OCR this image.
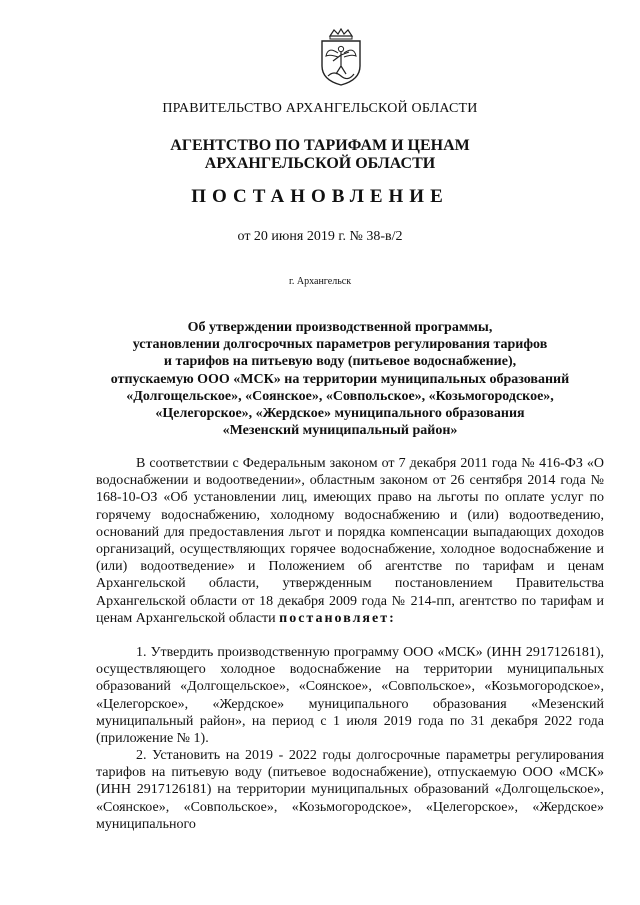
ПРАВИТЕЛЬСТВО АРХАНГЕЛЬСКОЙ ОБЛАСТИ
АГЕНТСТВО ПО ТАРИФАМ И ЦЕНАМ
АРХАНГЕЛЬСКОЙ ОБЛАСТИ
ПОСТАНОВЛЕНИЕ
от 20 июня 2019 г. № 38-в/2
г. Архангельск
Об утверждении производственной программы,
установлении долгосрочных параметров регулирования тарифов
и тарифов на питьевую воду (питьевое водоснабжение),
отпускаемую ООО «МСК» на территории муниципальных образований
«Долгощельское», «Соянское», «Совпольское», «Козьмогородское»,
«Целегорское», «Жердское» муниципального образования
«Мезенский муниципальный район»

В соответствии с Федеральным законом от 7 декабря 2011 года № 416-ФЗ «О водоснабжении и водоотведении», областным законом от 26 сентября 2014 года № 168-10-ОЗ «Об установлении лиц, имеющих право на льготы по оплате услуг по горячему водоснабжению, холодному водоснабжению и (или) водоотведению, оснований для предоставления льгот и порядка компенсации выпадающих доходов организаций, осуществляющих горячее водоснабжение, холодное водоснабжение и (или) водоотведение» и Положением об агентстве по тарифам и ценам Архангельской области, утвержденным постановлением Правительства Архангельской области от 18 декабря 2009 года № 214-пп, агентство по тарифам и ценам Архангельской области постановляет:

1. Утвердить производственную программу ООО «МСК» (ИНН 2917126181), осуществляющего холодное водоснабжение на территории муниципальных образований «Долгощельское», «Соянское», «Совпольское», «Козьмогородское», «Целегорское», «Жердское» муниципального образования «Мезенский муниципальный район», на период с 1 июля 2019 года по 31 декабря 2022 года (приложение № 1).

2. Установить на 2019 - 2022 годы долгосрочные параметры регулирования тарифов на питьевую воду (питьевое водоснабжение), отпускаемую ООО «МСК» (ИНН 2917126181) на территории муниципальных образований «Долгощельское», «Соянское», «Совпольское», «Козьмогородское», «Целегорское», «Жердское» муниципального
